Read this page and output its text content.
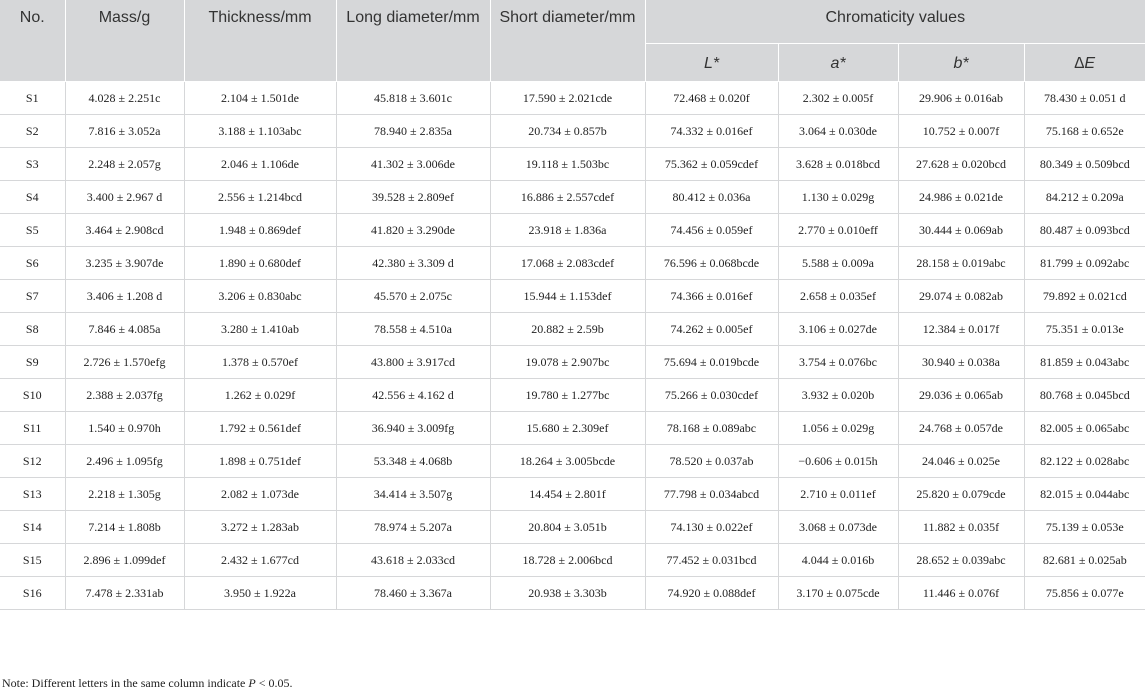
No.	Mass/g	Thickness/mm	Long diameter/mm	Short diameter/mm	Chromaticity values			
					L*	a*	b*	∆E
S1	4.028 ± 2.251c	2.104 ± 1.501de	45.818 ± 3.601c	17.590 ± 2.021cde	72.468 ± 0.020f	2.302 ± 0.005f	29.906 ± 0.016ab	78.430 ± 0.051 d
S2	7.816 ± 3.052a	3.188 ± 1.103abc	78.940 ± 2.835a	20.734 ± 0.857b	74.332 ± 0.016ef	3.064 ± 0.030de	10.752 ± 0.007f	75.168 ± 0.652e
S3	2.248 ± 2.057g	2.046 ± 1.106de	41.302 ± 3.006de	19.118 ± 1.503bc	75.362 ± 0.059cdef	3.628 ± 0.018bcd	27.628 ± 0.020bcd	80.349 ± 0.509bcd
S4	3.400 ± 2.967 d	2.556 ± 1.214bcd	39.528 ± 2.809ef	16.886 ± 2.557cdef	80.412 ± 0.036a	1.130 ± 0.029g	24.986 ± 0.021de	84.212 ± 0.209a
S5	3.464 ± 2.908cd	1.948 ± 0.869def	41.820 ± 3.290de	23.918 ± 1.836a	74.456 ± 0.059ef	2.770 ± 0.010eff	30.444 ± 0.069ab	80.487 ± 0.093bcd
S6	3.235 ± 3.907de	1.890 ± 0.680def	42.380 ± 3.309 d	17.068 ± 2.083cdef	76.596 ± 0.068bcde	5.588 ± 0.009a	28.158 ± 0.019abc	81.799 ± 0.092abc
S7	3.406 ± 1.208 d	3.206 ± 0.830abc	45.570 ± 2.075c	15.944 ± 1.153def	74.366 ± 0.016ef	2.658 ± 0.035ef	29.074 ± 0.082ab	79.892 ± 0.021cd
S8	7.846 ± 4.085a	3.280 ± 1.410ab	78.558 ± 4.510a	20.882 ± 2.59b	74.262 ± 0.005ef	3.106 ± 0.027de	12.384 ± 0.017f	75.351 ± 0.013e
S9	2.726 ± 1.570efg	1.378 ± 0.570ef	43.800 ± 3.917cd	19.078 ± 2.907bc	75.694 ± 0.019bcde	3.754 ± 0.076bc	30.940 ± 0.038a	81.859 ± 0.043abc
S10	2.388 ± 2.037fg	1.262 ± 0.029f	42.556 ± 4.162 d	19.780 ± 1.277bc	75.266 ± 0.030cdef	3.932 ± 0.020b	29.036 ± 0.065ab	80.768 ± 0.045bcd
S11	1.540 ± 0.970h	1.792 ± 0.561def	36.940 ± 3.009fg	15.680 ± 2.309ef	78.168 ± 0.089abc	1.056 ± 0.029g	24.768 ± 0.057de	82.005 ± 0.065abc
S12	2.496 ± 1.095fg	1.898 ± 0.751def	53.348 ± 4.068b	18.264 ± 3.005bcde	78.520 ± 0.037ab	−0.606 ± 0.015h	24.046 ± 0.025e	82.122 ± 0.028abc
S13	2.218 ± 1.305g	2.082 ± 1.073de	34.414 ± 3.507g	14.454 ± 2.801f	77.798 ± 0.034abcd	2.710 ± 0.011ef	25.820 ± 0.079cde	82.015 ± 0.044abc
S14	7.214 ± 1.808b	3.272 ± 1.283ab	78.974 ± 5.207a	20.804 ± 3.051b	74.130 ± 0.022ef	3.068 ± 0.073de	11.882 ± 0.035f	75.139 ± 0.053e
S15	2.896 ± 1.099def	2.432 ± 1.677cd	43.618 ± 2.033cd	18.728 ± 2.006bcd	77.452 ± 0.031bcd	4.044 ± 0.016b	28.652 ± 0.039abc	82.681 ± 0.025ab
S16	7.478 ± 2.331ab	3.950 ± 1.922a	78.460 ± 3.367a	20.938 ± 3.303b	74.920 ± 0.088def	3.170 ± 0.075cde	11.446 ± 0.076f	75.856 ± 0.077e
Note: Different letters in the same column indicate P < 0.05.
